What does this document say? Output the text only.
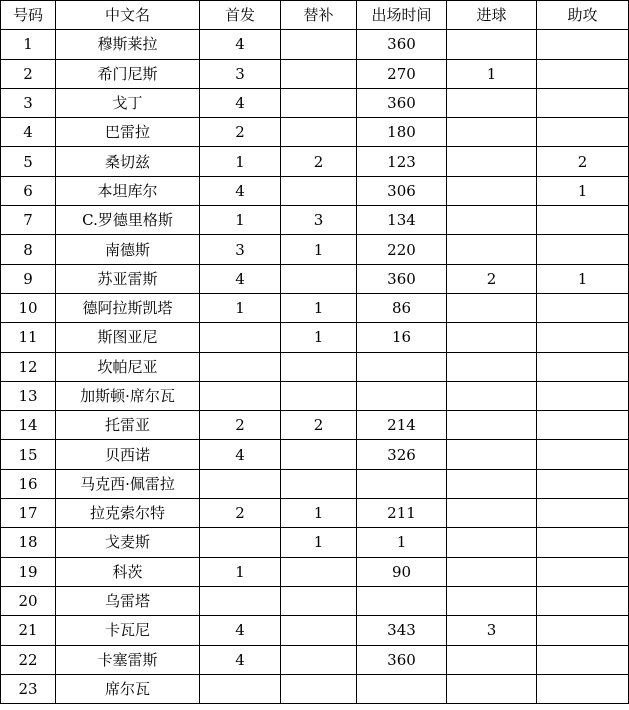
号码	中文名	首发	替补	出场时间	进球	助攻
1	穆斯莱拉	4		360		
2	希门尼斯	3		270	1	
3	戈丁	4		360		
4	巴雷拉	2		180		
5	桑切兹	1	2	123		2
6	本坦库尔	4		306		1
7	C.罗德里格斯	1	3	134		
8	南德斯	3	1	220		
9	苏亚雷斯	4		360	2	1
10	德阿拉斯凯塔	1	1	86		
11	斯图亚尼		1	16		
12	坎帕尼亚					
13	加斯顿·席尔瓦					
14	托雷亚	2	2	214		
15	贝西诺	4		326		
16	马克西·佩雷拉					
17	拉克索尔特	2	1	211		
18	戈麦斯		1	1		
19	科茨	1		90		
20	乌雷塔					
21	卡瓦尼	4		343	3	
22	卡塞雷斯	4		360		
23	席尔瓦					
